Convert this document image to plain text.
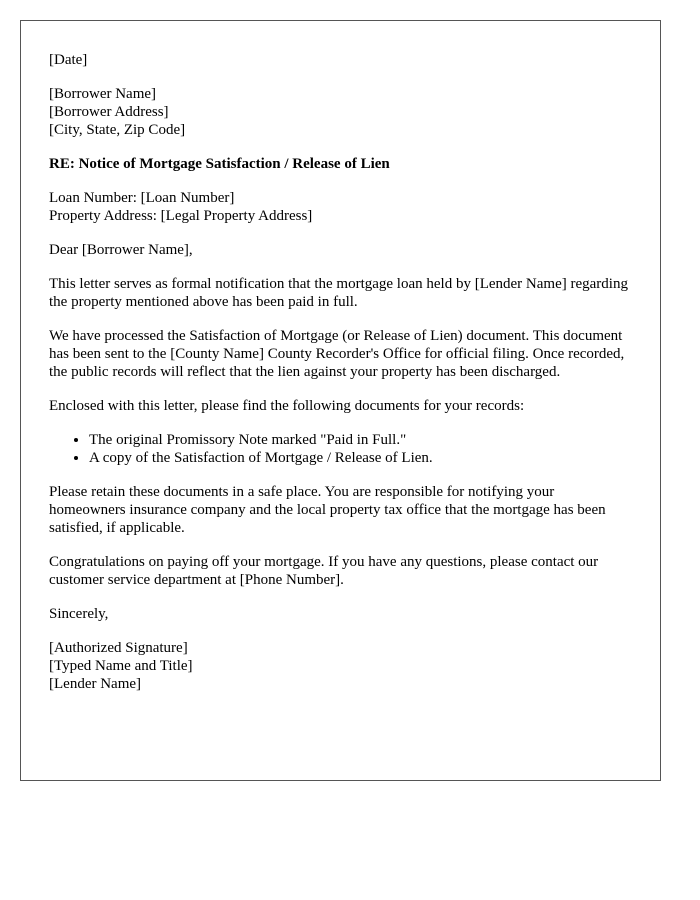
[Date]
[Borrower Name]
[Borrower Address]
[City, State, Zip Code]
RE: Notice of Mortgage Satisfaction / Release of Lien
Loan Number: [Loan Number]
Property Address: [Legal Property Address]

Dear [Borrower Name],

This letter serves as formal notification that the mortgage loan held by [Lender Name] regarding the property mentioned above has been paid in full.

We have processed the Satisfaction of Mortgage (or Release of Lien) document. This document has been sent to the [County Name] County Recorder's Office for official filing. Once recorded, the public records will reflect that the lien against your property has been discharged.

Enclosed with this letter, please find the following documents for your records:

• The original Promissory Note marked "Paid in Full."
• A copy of the Satisfaction of Mortgage / Release of Lien.

Please retain these documents in a safe place. You are responsible for notifying your homeowners insurance company and the local property tax office that the mortgage has been satisfied, if applicable.

Congratulations on paying off your mortgage. If you have any questions, please contact our customer service department at [Phone Number].

Sincerely,

[Authorized Signature]
[Typed Name and Title]
[Lender Name]
